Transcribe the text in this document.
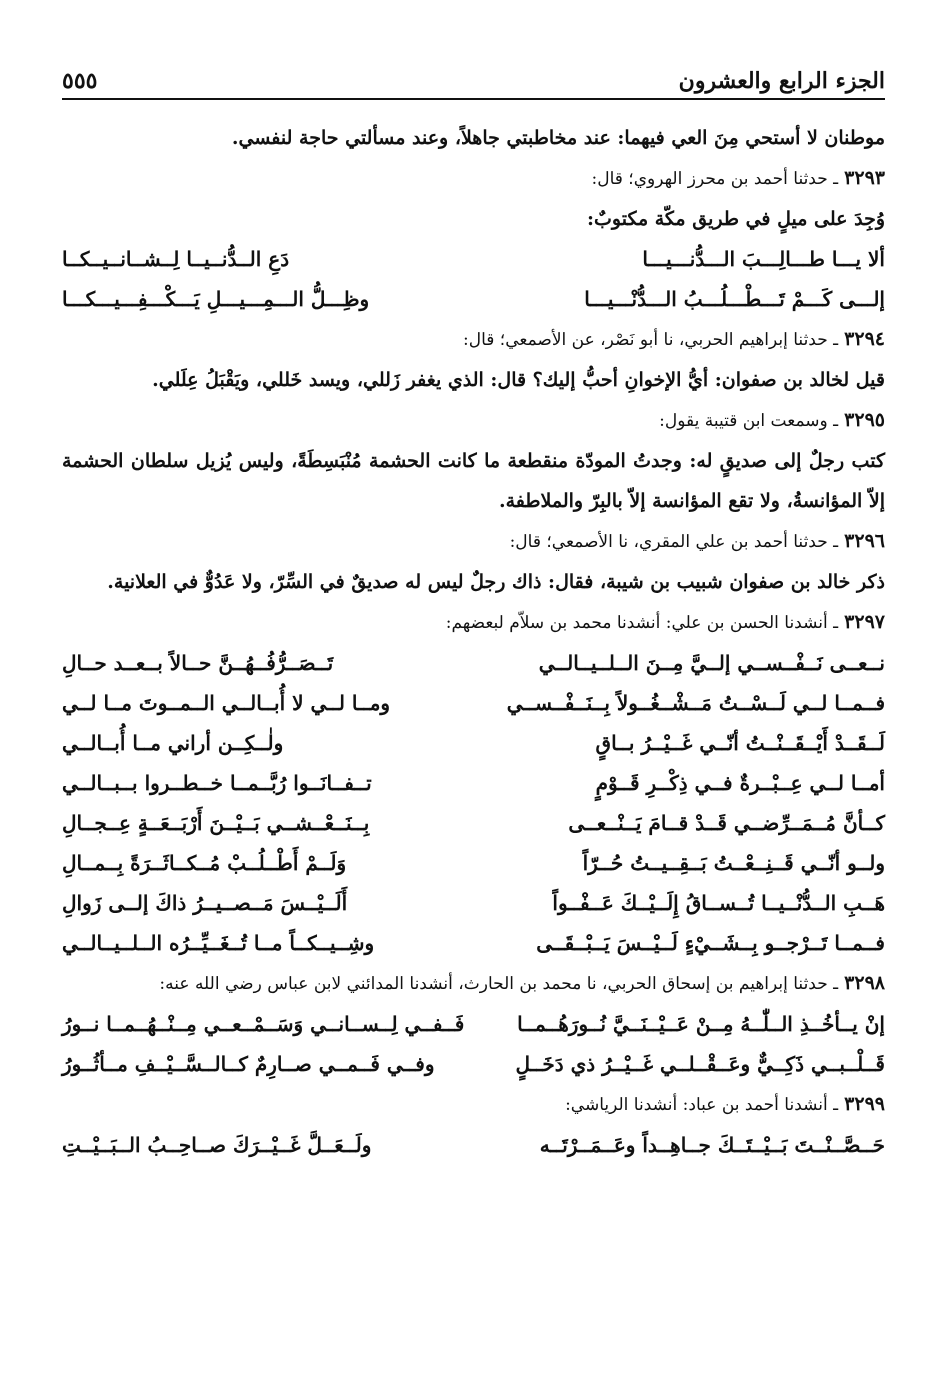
الجزء الرابع والعشرون
٥٥٥

موطنان لا أستحي مِنَ العي فيهما: عند مخاطبتي جاهلاً، وعند مسألتي حاجة لنفسي.

٣٢٩٣ ـ حدثنا أحمد بن محرز الهروي؛ قال:

وُجِدَ على ميلٍ في طريق مكّة مكتوبٌ:

ألا يـــا طـــالِـــبَ الـــدُّنـــيـــا
دَعِ الــدُّنــيــا لِــشــانــيــكــا
إلـــى كَـــمْ تَـــطْـــلُـــبُ الـــدُّنْـــيـــا
وظِـــلُّ الـــمِـــيـــلِ يَـــكْـــفِـــيـــكـــا

٣٢٩٤ ـ حدثنا إبراهيم الحربي، نا أبو نَصْر، عن الأصمعي؛ قال:

قيل لخالد بن صفوان: أيُّ الإخوانِ أحبُّ إليك؟ قال: الذي يغفر زَللي، ويسد خَللي، ويَقْبَلُ عِلَلي.

٣٢٩٥ ـ وسمعت ابن قتيبة يقول:

كتب رجلٌ إلى صديقٍ له: وجدتُ المودّة منقطعة ما كانت الحشمة مُنْبَسِطَةً، وليس يُزيل سلطان الحشمة إلاّ المؤانسةُ، ولا تقع المؤانسة إلاّ بالبِرّ والملاطفة.

٣٢٩٦ ـ حدثنا أحمد بن علي المقري، نا الأصمعي؛ قال:

ذكر خالد بن صفوان شبيب بن شيبة، فقال: ذاك رجلٌ ليس له صديقٌ في السِّرّ، ولا عَدُوٌّ في العلانية.

٣٢٩٧ ـ أنشدنا الحسن بن علي: أنشدنا محمد بن سلاّم لبعضهم:

نــعــى نَــفْــســي إلــيَّ مِــنَ الــلــيــالــي
تَــصَــرُّفُــهُــنَّ حــالاً بــعــد حــالِ
فــمــا لــي لَــسْــتُ مَــشْــغُــولاً بِــنَــفْــســي
ومــا لــي لا أُبــالــي الــمــوتَ مــا لــي
لَــقَــدْ أَيْــقَــنْــتُ أنّــي غَــيْــرُ بــاقٍ
ولٰــكِــن أراني مــا أُبــالــي
أمــا لــي عِــبْــرةٌ فــي ذِكْــرِ قَــوْمٍ
تــفــانَــوا رُبَّــمــا خــطــروا بــبــالــي
كــأنَّ مُــمَــرِّضــي قَــدْ قــامَ يَــنْــعــى
بِــنَــعْــشــي بَــيْــنَ أَرْبَــعَــةٍ عِــجــالِ
ولــو أنّــي قَــنِــعْــتُ بَــقِــيــتُ حُــرّاً
وَلَــمْ أَطْــلُــبْ مُــكــاثَــرَةً بِــمــالِ
هَــبِ الــدُّنْــيــا تُــســاقُ إِلَــيْــكَ عَــفْــواً
أَلَــيْــسَ مَــصــيــرُ ذاكَ إلــى زَوالِ
فــمــا تَــرْجــو بِــشَــيْءٍ لَــيْــسَ يَــبْــقَــى
وشِــيــكــاً مــا تُــغَــيِّــرُه الــلــيــالــي

٣٢٩٨ ـ حدثنا إبراهيم بن إسحاق الحربي، نا محمد بن الحارث، أنشدنا المدائني لابن عباس رضي الله عنه:

إنْ يــأخُــذِ الــلّٰــهُ مِــنْ عَــيْــنَــيَّ نُــورَهُــمــا
فَــفــي لِــســانــي وَسَــمْــعــي مِــنْــهُــمــا نــورُ
قَــلْــبــي ذَكِــيٌّ وعَــقْــلــي غَــيْــرُ ذي دَخَــلٍ
وفــي فَــمــي صــارِمٌ كــالــسَّــيْــفِ مــأثُــورُ

٣٢٩٩ ـ أنشدنا أحمد بن عباد: أنشدنا الرياشي:

حَــصَّــنْــتَ بَــيْــتَــكَ جــاهِــداً وعَــمَــرْتَــه
ولَــعَــلَّ غَــيْــرَكَ صــاحِــبُ الــبَــيْــتِ
